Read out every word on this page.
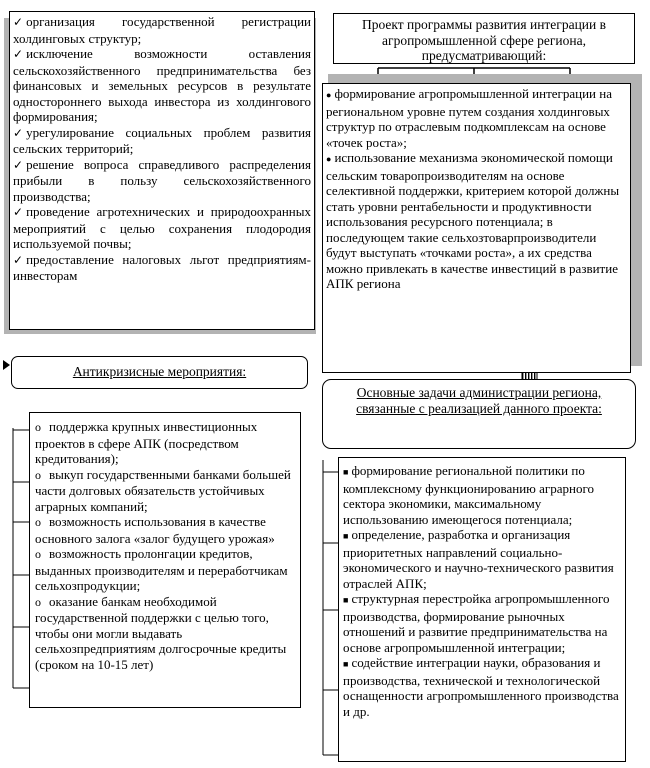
✓ организация государственной регистрации холдинговых структур;
✓ исключение возможности оставления сельскохозяйственного предпринимательства без финансовых и земельных ресурсов в результате одностороннего выхода инвестора из холдингового формирования;
✓ урегулирование социальных проблем развития сельских территорий;
✓ решение вопроса справедливого распределения прибыли в пользу сельскохозяйственного производства;
✓ проведение агротехнических и природоохранных мероприятий с целью сохранения плодородия используемой почвы;
✓ предоставление налоговых льгот предприятиям-инвесторам
Проект программы развития интеграции в агропромышленной сфере региона, предусматривающий:
● формирование агропромышленной интеграции на региональном уровне путем создания холдинговых структур по отраслевым подкомплексам на основе «точек роста»;
● использование механизма экономической помощи сельским товаропроизводителям на основе селективной поддержки, критерием которой должны стать уровни рентабельности и продуктивности использования ресурсного потенциала; в последующем такие сельхозтоварпроизводители будут выступать «точками роста», а их средства можно привлекать в качестве инвестиций в развитие АПК региона
Антикризисные мероприятия:
o поддержка крупных инвестиционных проектов в сфере АПК (посредством кредитования);
o выкуп государственными банками большей части долговых обязательств устойчивых аграрных компаний;
o возможность использования в качестве основного залога «залог будущего урожая»
o возможность пролонгации кредитов, выданных производителям и переработчикам сельхозпродукции;
o оказание банкам необходимой государственной поддержки с целью того, чтобы они могли выдавать сельхозпредприятиям долгосрочные кредиты (сроком на 10-15 лет)
Основные задачи администрации региона, связанные с реализацией данного проекта:
■ формирование региональной политики по комплексному функционированию аграрного сектора экономики, максимальному использованию имеющегося потенциала;
■ определение, разработка и организация приоритетных направлений социально-экономического и научно-технического развития отраслей АПК;
■ структурная перестройка агропромышленного производства, формирование рыночных отношений и развитие предпринимательства на основе агропромышленной интеграции;
■ содействие интеграции науки, образования и производства, технической и технологической оснащенности агропромышленного производства и др.
